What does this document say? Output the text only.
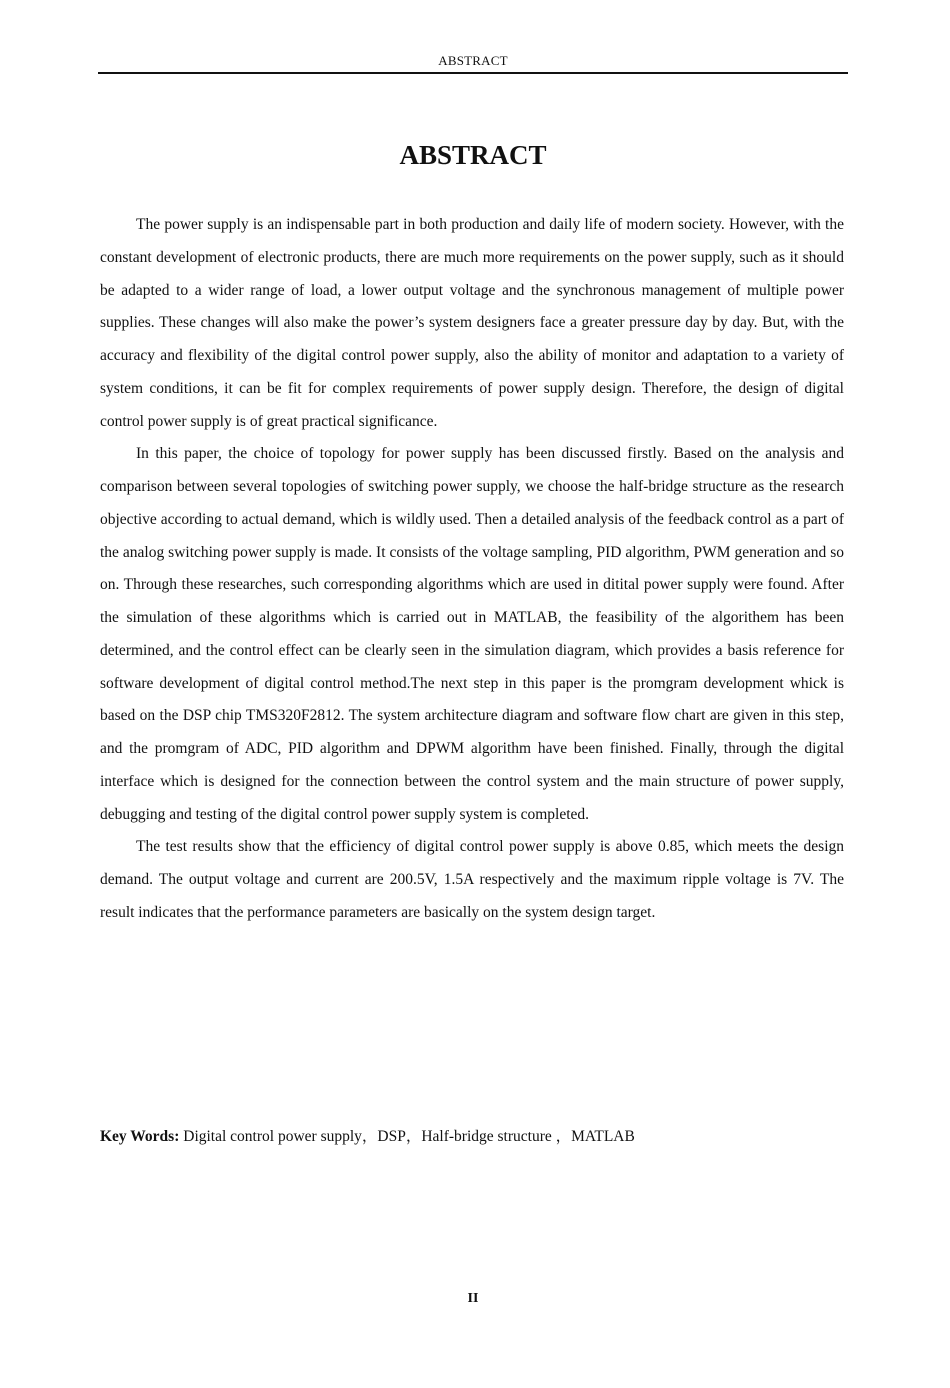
ABSTRACT
ABSTRACT

The power supply is an indispensable part in both production and daily life of modern society. However, with the constant development of electronic products, there are much more requirements on the power supply, such as it should be adapted to a wider range of load, a lower output voltage and the synchronous management of multiple power supplies. These changes will also make the power’s system designers face a greater pressure day by day. But, with the accuracy and flexibility of the digital control power supply, also the ability of monitor and adaptation to a variety of system conditions, it can be fit for complex requirements of power supply design. Therefore, the design of digital control power supply is of great practical significance.

In this paper, the choice of topology for power supply has been discussed firstly. Based on the analysis and comparison between several topologies of switching power supply, we choose the half-bridge structure as the research objective according to actual demand, which is wildly used. Then a detailed analysis of the feedback control as a part of the analog switching power supply is made. It consists of the voltage sampling, PID algorithm, PWM generation and so on. Through these researches, such corresponding algorithms which are used in ditital power supply were found. After the simulation of these algorithms which is carried out in MATLAB, the feasibility of the algorithem has been determined, and the control effect can be clearly seen in the simulation diagram, which provides a basis reference for software development of digital control method.The next step in this paper is the promgram development whick is based on the DSP chip TMS320F2812. The system architecture diagram and software flow chart are given in this step, and the promgram of ADC, PID algorithm and DPWM algorithm have been finished. Finally, through the digital interface which is designed for the connection between the control system and the main structure of power supply, debugging and testing of the digital control power supply system is completed.

The test results show that the efficiency of digital control power supply is above 0.85, which meets the design demand. The output voltage and current are 200.5V, 1.5A respectively and the maximum ripple voltage is 7V. The result indicates that the performance parameters are basically on the system design target.

Key Words: Digital control power supply，DSP，Half-bridge structure ，MATLAB
II
